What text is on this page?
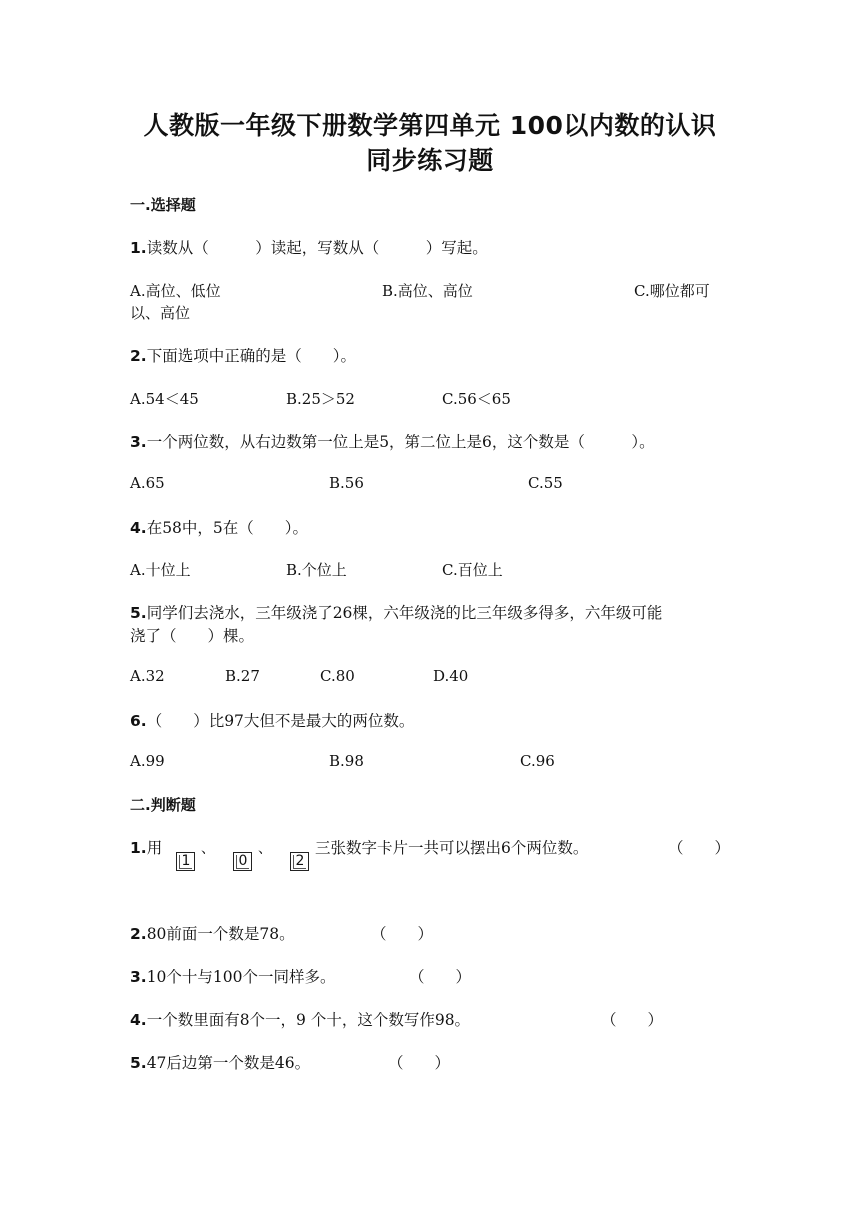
人教版一年级下册数学第四单元 100以内数的认识
同步练习题
一.选择题
1.读数从（　　　）读起，写数从（　　　）写起。
A.高位、低位	B.高位、高位	C.哪位都可
以、高位
2.下面选项中正确的是（　　）。
A.54＜45	B.25＞52	C.56＜65
3.一个两位数，从右边数第一位上是5，第二位上是6，这个数是（　　　）。
A.65	B.56	C.55
4.在58中，5在（　　）。
A.十位上	B.个位上	C.百位上
5.同学们去浇水，三年级浇了26棵，六年级浇的比三年级多得多，六年级可能
浇了（　　）棵。
A.32	B.27	C.80	D.40
6.（　　）比97大但不是最大的两位数。
A.99	B.98	C.96
二.判断题
1.用
1
、
0
、
2
三张数字卡片一共可以摆出6个两位数。	（　　）
2.80前面一个数是78。	（　　）
3.10个十与100个一同样多。	（　　）
4.一个数里面有8个一，9 个十，这个数写作98。	（　　）
5.47后边第一个数是46。	（　　）
